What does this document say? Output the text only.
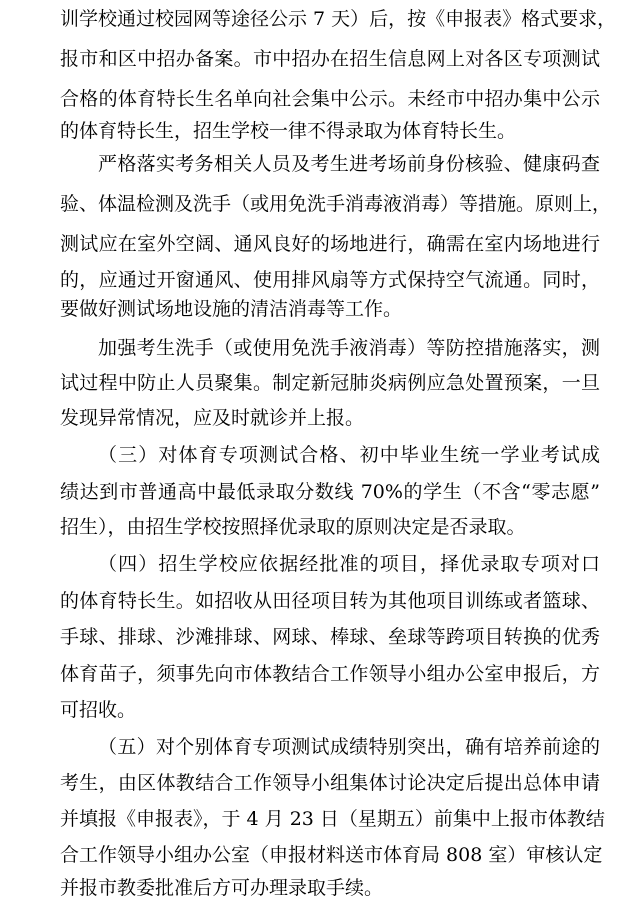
训学校通过校园网等途径公示 7 天）后，按《申报表》格式要求，

报市和区中招办备案。市中招办在招生信息网上对各区专项测试

合格的体育特长生名单向社会集中公示。未经市中招办集中公示

的体育特长生，招生学校一律不得录取为体育特长生。

严格落实考务相关人员及考生进考场前身份核验、健康码查

验、体温检测及洗手（或用免洗手消毒液消毒）等措施。原则上，

测试应在室外空阔、通风良好的场地进行，确需在室内场地进行

的，应通过开窗通风、使用排风扇等方式保持空气流通。同时，

要做好测试场地设施的清洁消毒等工作。

加强考生洗手（或使用免洗手液消毒）等防控措施落实，测

试过程中防止人员聚集。制定新冠肺炎病例应急处置预案，一旦

发现异常情况，应及时就诊并上报。

（三）对体育专项测试合格、初中毕业生统一学业考试成

绩达到市普通高中最低录取分数线 70%的学生（不含“零志愿”

招生），由招生学校按照择优录取的原则决定是否录取。

（四）招生学校应依据经批准的项目，择优录取专项对口

的体育特长生。如招收从田径项目转为其他项目训练或者篮球、

手球、排球、沙滩排球、网球、棒球、垒球等跨项目转换的优秀

体育苗子，须事先向市体教结合工作领导小组办公室申报后，方

可招收。

（五）对个别体育专项测试成绩特别突出，确有培养前途的

考生，由区体教结合工作领导小组集体讨论决定后提出总体申请

并填报《申报表》，于 4 月 23 日（星期五）前集中上报市体教结

合工作领导小组办公室（申报材料送市体育局 808 室）审核认定

并报市教委批准后方可办理录取手续。
